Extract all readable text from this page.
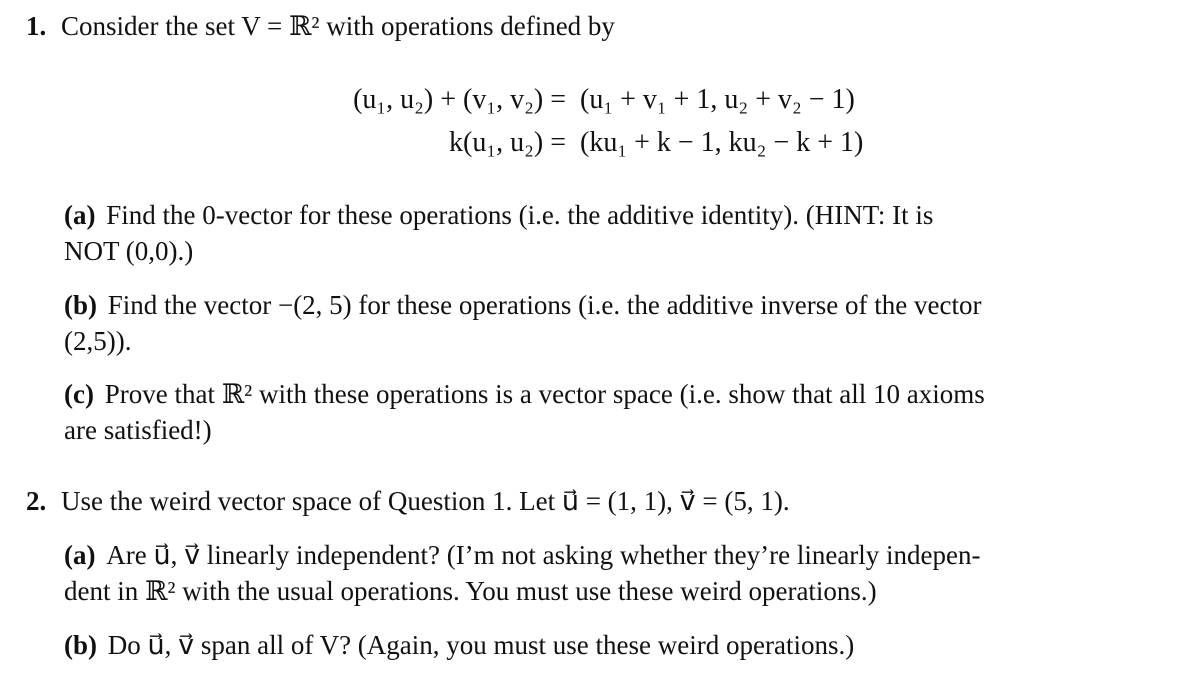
1. Consider the set V = ℝ² with operations defined by
(u₁, u₂) + (v₁, v₂) = (u₁ + v₁ + 1, u₂ + v₂ − 1)
k(u₁, u₂) = (ku₁ + k − 1, ku₂ − k + 1)
(a) Find the 0-vector for these operations (i.e. the additive identity). (HINT: It is
NOT (0,0).)
(b) Find the vector −(2, 5) for these operations (i.e. the additive inverse of the vector
(2,5)).
(c) Prove that ℝ² with these operations is a vector space (i.e. show that all 10 axioms
are satisfied!)
2. Use the weird vector space of Question 1. Let u⃗ = (1, 1), v⃗ = (5, 1).
(a) Are u⃗, v⃗ linearly independent? (I’m not asking whether they’re linearly indepen-
dent in ℝ² with the usual operations. You must use these weird operations.)
(b) Do u⃗, v⃗ span all of V? (Again, you must use these weird operations.)
